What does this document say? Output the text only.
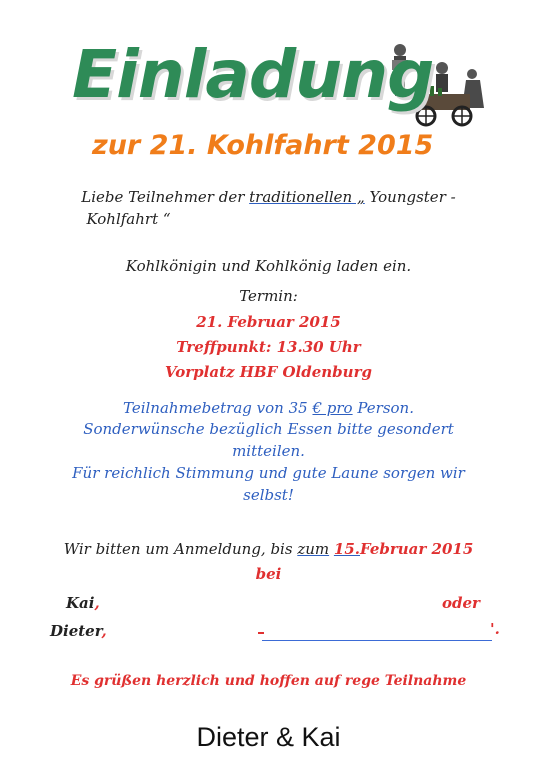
Einladung
zur 21. Kohlfahrt 2015
Liebe Teilnehmer der traditionellen „ Youngster -
Kohlfahrt “
Kohlkönigin und Kohlkönig laden ein.
Termin:
21. Februar 2015
Treffpunkt: 13.30 Uhr
Vorplatz HBF Oldenburg
Teilnahmebetrag von 35 € pro Person.
Sonderwünsche bezüglich Essen bitte gesondert
mitteilen.
Für reichlich Stimmung und gute Laune sorgen wir
selbst!
Wir bitten um Anmeldung, bis zum 15.Februar 2015
bei
Kai,	oder
Dieter,	'.
Es grüßen herzlich und hoffen auf rege Teilnahme
Dieter & Kai
